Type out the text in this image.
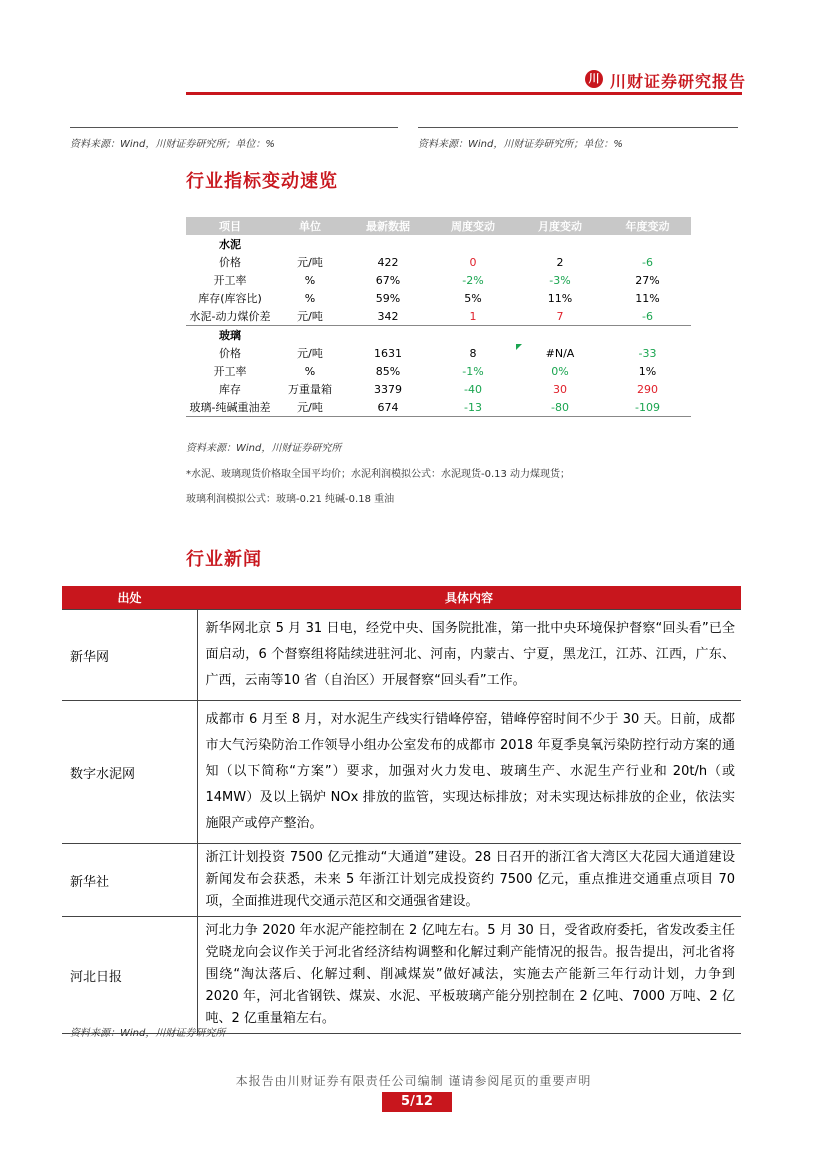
川 川财证券研究报告
资料来源：Wind，川财证券研究所；单位：%	资料来源：Wind，川财证券研究所；单位：%
行业指标变动速览
项目	单位	最新数据	周度变动	月度变动	年度变动
水泥					
价格	元/吨	422	0	2	-6
开工率	%	67%	-2%	-3%	27%
库存(库容比)	%	59%	5%	11%	11%
水泥-动力煤价差	元/吨	342	1	7	-6
玻璃					
价格	元/吨	1631	8	#N/A	-33
开工率	%	85%	-1%	0%	1%
库存	万重量箱	3379	-40	30	290
玻璃-纯碱重油差	元/吨	674	-13	-80	-109
资料来源：Wind，川财证券研究所
*水泥、玻璃现货价格取全国平均价；水泥利润模拟公式：水泥现货-0.13 动力煤现货；
玻璃利润模拟公式：玻璃-0.21 纯碱-0.18 重油
行业新闻
出处	具体内容
新华网	新华网北京 5 月 31 日电，经党中央、国务院批准，第一批中央环境保护督察“回头看”已全面启动，6 个督察组将陆续进驻河北、河南，内蒙古、宁夏，黑龙江，江苏、江西，广东、广西，云南等10 省（自治区）开展督察“回头看”工作。
数字水泥网	成都市 6 月至 8 月，对水泥生产线实行错峰停窑，错峰停窑时间不少于 30 天。日前，成都市大气污染防治工作领导小组办公室发布的成都市 2018 年夏季臭氧污染防控行动方案的通知（以下简称“方案”）要求，加强对火力发电、玻璃生产、水泥生产行业和 20t/h（或 14MW）及以上锅炉 NOx 排放的监管，实现达标排放；对未实现达标排放的企业，依法实施限产或停产整治。
新华社	浙江计划投资 7500 亿元推动“大通道”建设。28 日召开的浙江省大湾区大花园大通道建设新闻发布会获悉，未来 5 年浙江计划完成投资约 7500 亿元，重点推进交通重点项目 70 项，全面推进现代交通示范区和交通强省建设。
河北日报	河北力争 2020 年水泥产能控制在 2 亿吨左右。5 月 30 日，受省政府委托，省发改委主任党晓龙向会议作关于河北省经济结构调整和化解过剩产能情况的报告。报告提出，河北省将围绕“淘汰落后、化解过剩、削减煤炭”做好减法，实施去产能新三年行动计划，力争到 2020 年，河北省钢铁、煤炭、水泥、平板玻璃产能分别控制在 2 亿吨、7000 万吨、2 亿吨、2 亿重量箱左右。
资料来源：Wind，川财证券研究所
本报告由川财证券有限责任公司编制 谨请参阅尾页的重要声明
5/12
